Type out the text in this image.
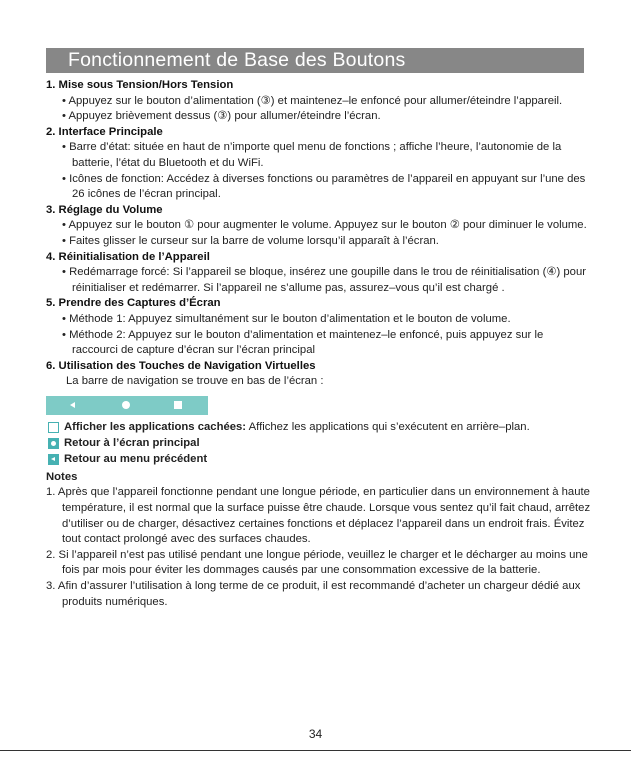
Fonctionnement de Base des Boutons
1. Mise sous Tension/Hors Tension
• Appuyez sur le bouton d’alimentation (③) et maintenez–le enfoncé pour allumer/éteindre l’appareil.
• Appuyez brièvement dessus (③) pour allumer/éteindre l’écran.
2. Interface Principale
• Barre d’état: située en haut de n’importe quel menu de fonctions ; affiche l’heure, l’autonomie de la batterie, l’état du Bluetooth et du WiFi.
• Icônes de fonction: Accédez à diverses fonctions ou paramètres de l’appareil en appuyant sur l’une des 26 icônes de l’écran principal.
3. Réglage du Volume
• Appuyez sur le bouton ① pour augmenter le volume. Appuyez sur le bouton ② pour diminuer le volume.
• Faites glisser le curseur sur la barre de volume lorsqu’il apparaît à l’écran.
4. Réinitialisation de l’Appareil
• Redémarrage forcé: Si l’appareil se bloque, insérez une goupille dans le trou de réinitialisation (④) pour réinitialiser et redémarrer. Si l’appareil ne s’allume pas, assurez–vous qu’il est chargé .
5. Prendre des Captures d’Écran
• Méthode 1: Appuyez simultanément sur le bouton d’alimentation et le bouton de volume.
• Méthode 2: Appuyez sur le bouton d’alimentation et maintenez–le enfoncé, puis appuyez sur le raccourci de capture d’écran sur l’écran principal
6. Utilisation des Touches de Navigation Virtuelles
La barre de navigation se trouve en bas de l’écran :
Afficher les applications cachées: Affichez les applications qui s’exécutent en arrière–plan.
Retour à l’écran principal
Retour au menu précédent
Notes
1. Après que l’appareil fonctionne pendant une longue période, en particulier dans un environnement à haute température, il est normal que la surface puisse être chaude. Lorsque vous sentez qu’il fait chaud, arrêtez d’utiliser ou de charger, désactivez certaines fonctions et déplacez l’appareil dans un endroit frais. Évitez tout contact prolongé avec des surfaces chaudes.
2. Si l’appareil n’est pas utilisé pendant une longue période, veuillez le charger et le décharger au moins une fois par mois pour éviter les dommages causés par une consommation excessive de la batterie.
3. Afin d’assurer l’utilisation à long terme de ce produit, il est recommandé d’acheter un chargeur dédié aux produits numériques.
34
